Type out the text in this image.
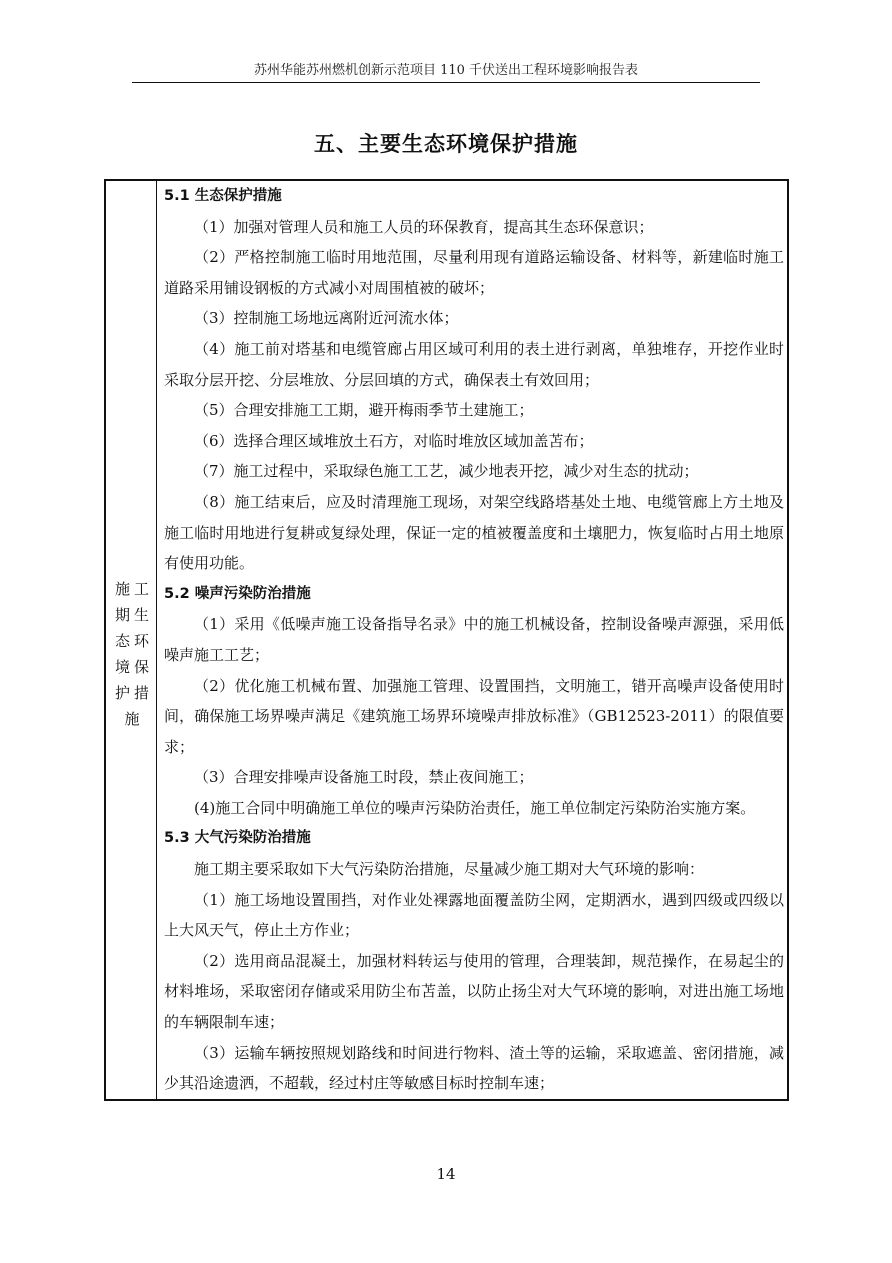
苏州华能苏州燃机创新示范项目 110 千伏送出工程环境影响报告表
五、主要生态环境保护措施
施工期生态环境保护措施
5.1 生态保护措施
（1）加强对管理人员和施工人员的环保教育，提高其生态环保意识；
（2）严格控制施工临时用地范围，尽量利用现有道路运输设备、材料等，新建临时施工道路采用铺设钢板的方式减小对周围植被的破坏；
（3）控制施工场地远离附近河流水体；
（4）施工前对塔基和电缆管廊占用区域可利用的表土进行剥离，单独堆存，开挖作业时采取分层开挖、分层堆放、分层回填的方式，确保表土有效回用；
（5）合理安排施工工期，避开梅雨季节土建施工；
（6）选择合理区域堆放土石方，对临时堆放区域加盖苫布；
（7）施工过程中，采取绿色施工工艺，减少地表开挖，减少对生态的扰动；
（8）施工结束后，应及时清理施工现场，对架空线路塔基处土地、电缆管廊上方土地及施工临时用地进行复耕或复绿处理，保证一定的植被覆盖度和土壤肥力，恢复临时占用土地原有使用功能。
5.2 噪声污染防治措施
（1）采用《低噪声施工设备指导名录》中的施工机械设备，控制设备噪声源强，采用低噪声施工工艺；
（2）优化施工机械布置、加强施工管理、设置围挡，文明施工，错开高噪声设备使用时间，确保施工场界噪声满足《建筑施工场界环境噪声排放标准》（GB12523-2011）的限值要求；
（3）合理安排噪声设备施工时段，禁止夜间施工；
(4)施工合同中明确施工单位的噪声污染防治责任，施工单位制定污染防治实施方案。
5.3 大气污染防治措施
施工期主要采取如下大气污染防治措施，尽量减少施工期对大气环境的影响：
（1）施工场地设置围挡，对作业处裸露地面覆盖防尘网，定期洒水，遇到四级或四级以上大风天气，停止土方作业；
（2）选用商品混凝土，加强材料转运与使用的管理，合理装卸，规范操作，在易起尘的材料堆场，采取密闭存储或采用防尘布苫盖，以防止扬尘对大气环境的影响，对进出施工场地的车辆限制车速；
（3）运输车辆按照规划路线和时间进行物料、渣土等的运输，采取遮盖、密闭措施，减少其沿途遗洒，不超载，经过村庄等敏感目标时控制车速；
14
